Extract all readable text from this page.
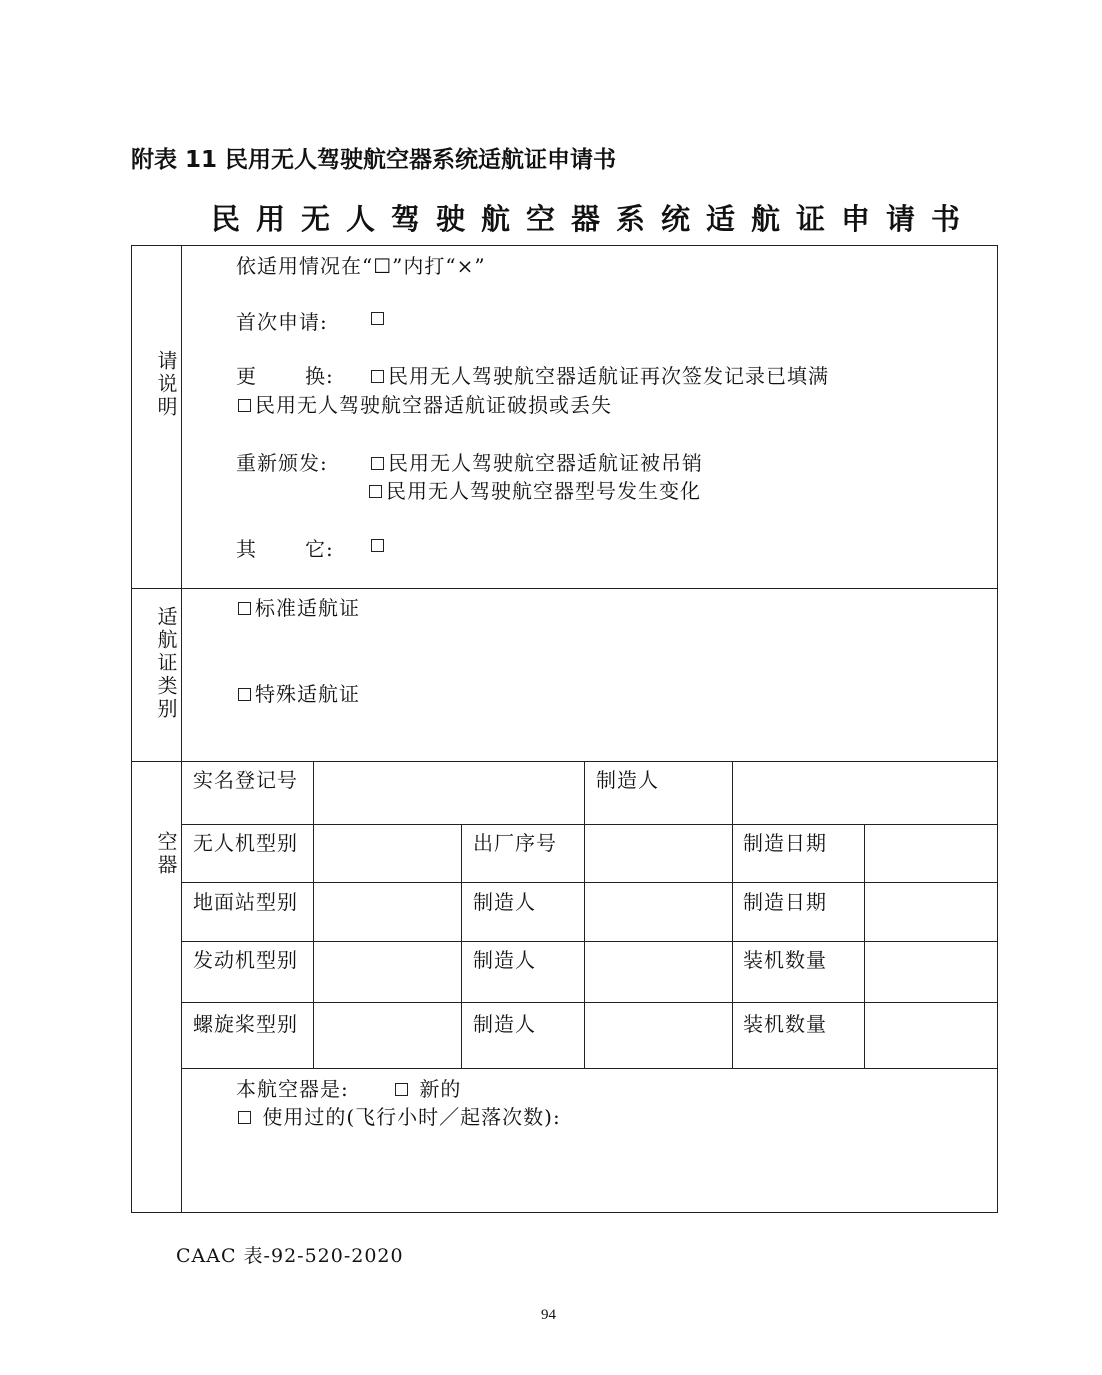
附表 11 民用无人驾驶航空器系统适航证申请书
民用无人驾驶航空器系统适航证申请书
请说明
依适用情况在“☐”内打“×”
首次申请:
更 换:	民用无人驾驶航空器适航证再次签发记录已填满
民用无人驾驶航空器适航证破损或丢失
重新颁发:	民用无人驾驶航空器适航证被吊销
民用无人驾驶航空器型号发生变化
其 它:
适航证类别	标准适航证
特殊适航证
空器
实名登记号	制造人
无人机型别	出厂序号	制造日期
地面站型别	制造人	制造日期
发动机型别	制造人	装机数量
螺旋桨型别	制造人	装机数量
本航空器是:	新的
使用过的(飞行小时／起落次数):
CAAC 表-92-520-2020
94
